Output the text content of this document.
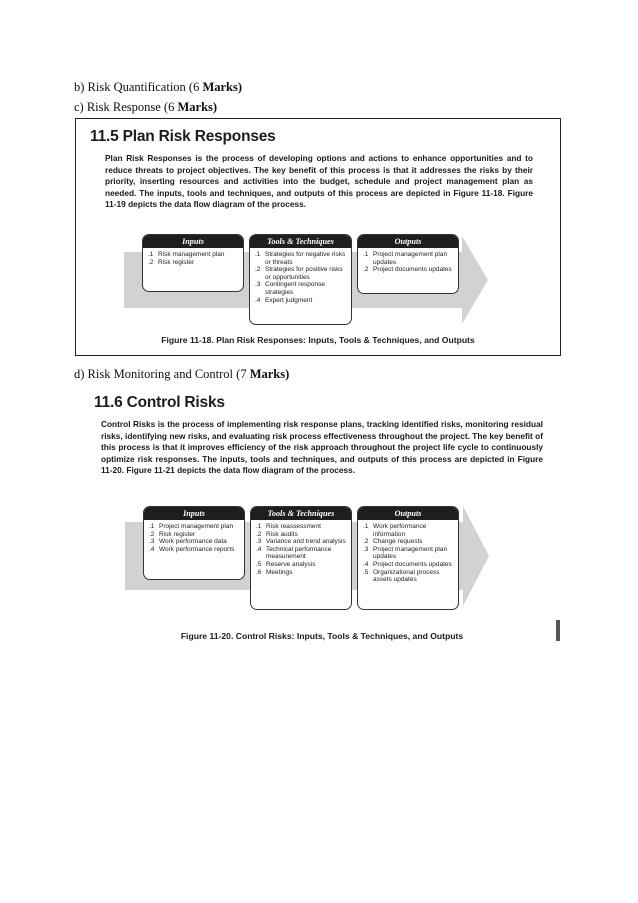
b) Risk Quantification (6 Marks)
c) Risk Response (6 Marks)
d) Risk Monitoring and Control (7 Marks)
11.5 Plan Risk Responses

Plan Risk Responses is the process of developing options and actions to enhance opportunities and to reduce threats to project objectives. The key benefit of this process is that it addresses the risks by their priority, inserting resources and activities into the budget, schedule and project management plan as needed. The inputs, tools and techniques, and outputs of this process are depicted in Figure 11-18. Figure 11-19 depicts the data flow diagram of the process.

Inputs
.1 Risk management plan
.2 Risk register
Tools & Techniques
.1 Strategies for negative risks or threats
.2 Strategies for positive risks or opportunities
.3 Contingent response strategies
.4 Expert judgment
Outputs
.1 Project management plan updates
.2 Project documents updates
Figure 11-18. Plan Risk Responses: Inputs, Tools & Techniques, and Outputs
11.6 Control Risks

Control Risks is the process of implementing risk response plans, tracking identified risks, monitoring residual risks, identifying new risks, and evaluating risk process effectiveness throughout the project. The key benefit of this process is that it improves efficiency of the risk approach throughout the project life cycle to continuously optimize risk responses. The inputs, tools and techniques, and outputs of this process are depicted in Figure 11-20. Figure 11-21 depicts the data flow diagram of the process.

Inputs
.1 Project management plan
.2 Risk register
.3 Work performance data
.4 Work performance reports
Tools & Techniques
.1 Risk reassessment
.2 Risk audits
.3 Variance and trend analysis
.4 Technical performance measurement
.5 Reserve analysis
.6 Meetings
Outputs
.1 Work performance information
.2 Change requests
.3 Project management plan updates
.4 Project documents updates
.5 Organizational process assets updates
Figure 11-20. Control Risks: Inputs, Tools & Techniques, and Outputs
